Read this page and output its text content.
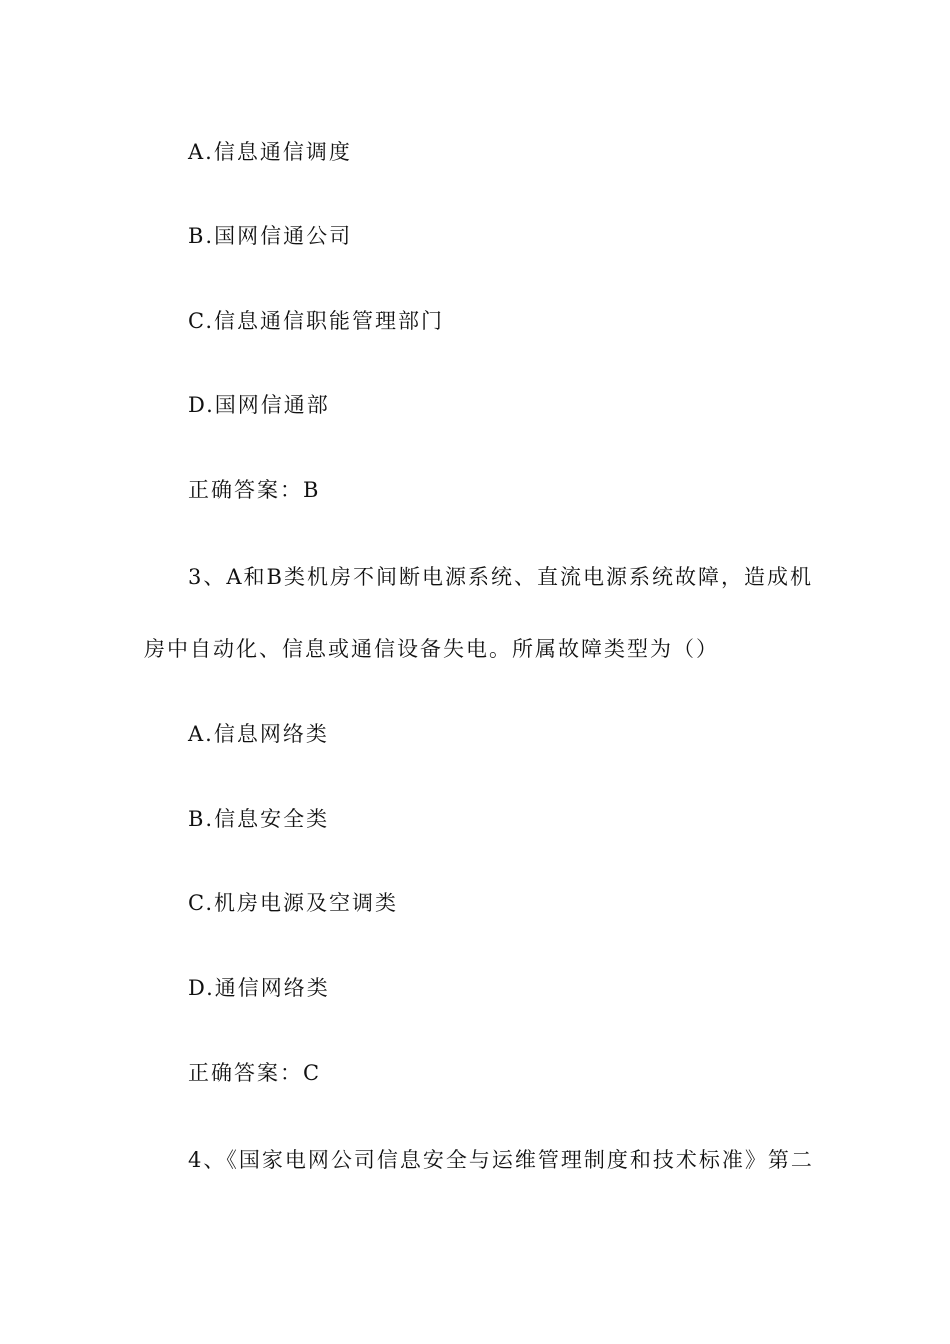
A.信息通信调度
B.国网信通公司
C.信息通信职能管理部门
D.国网信通部
正确答案：B
3、A和B类机房不间断电源系统、直流电源系统故障，造成机
房中自动化、信息或通信设备失电。所属故障类型为（）
A.信息网络类
B.信息安全类
C.机房电源及空调类
D.通信网络类
正确答案：C
4、《国家电网公司信息安全与运维管理制度和技术标准》第二
